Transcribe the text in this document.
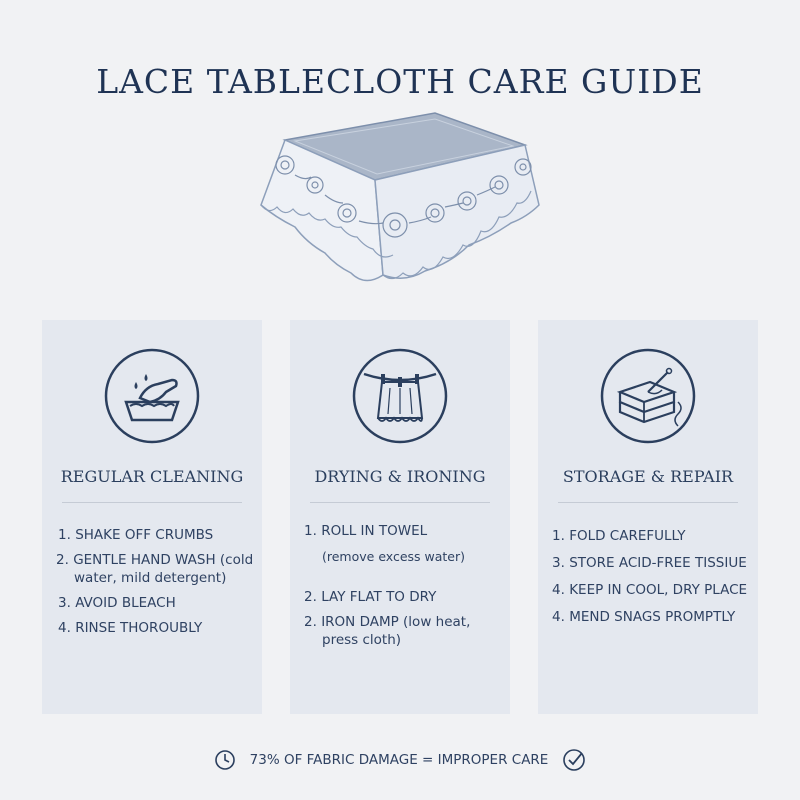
LACE TABLECLOTH CARE GUIDE
REGULAR CLEANING
1. SHAKE OFF CRUMBS
2. GENTLE HAND WASH (cold
water, mild detergent)
3. AVOID BLEACH
4. RINSE THOROUBLY
DRYING & IRONING
1. ROLL IN TOWEL
(remove excess water)
2. LAY FLAT TO DRY
2. IRON DAMP (low heat,
press cloth)
STORAGE & REPAIR
1. FOLD CAREFULLY
3. STORE ACID-FREE TISSIUE
4. KEEP IN COOL, DRY PLACE
4. MEND SNAGS PROMPTLY
73% OF FABRIC DAMAGE = IMPROPER CARE
